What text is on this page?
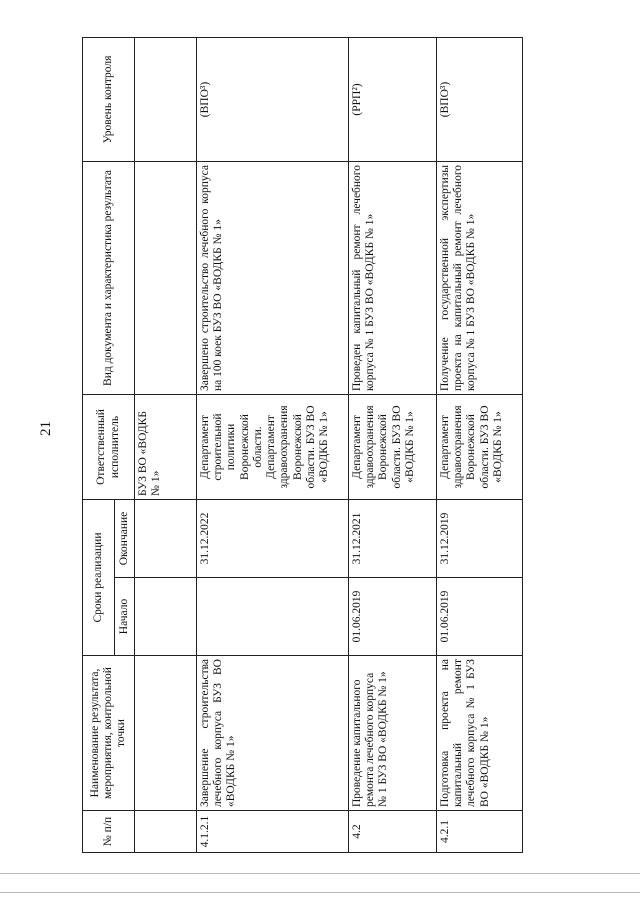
21
№ п/п	Наименование результата, мероприятия, контрольной точки	Сроки реализации		Ответственный исполнитель	Вид документа и характеристика результата	Уровень контроля
		Начало	Окончание			
				БУЗ ВО «ВОДКБ № 1»		
4.1.2.1	Завершение строительства лечебного корпуса БУЗ ВО «ВОДКБ № 1»		31.12.2022	Департамент строительной политики Воронежской области. Департамент здравоохранения Воронежской области. БУЗ ВО «ВОДКБ № 1»	Завершено строительство лечебного корпуса на 100 коек БУЗ ВО «ВОДКБ № 1»	(ВПО³)
4.2	Проведение капитального ремонта лечебного корпуса № 1 БУЗ ВО «ВОДКБ № 1»	01.06.2019	31.12.2021	Департамент здравоохранения Воронежской области. БУЗ ВО «ВОДКБ № 1»	Проведен капитальный ремонт лечебного корпуса № 1 БУЗ ВО «ВОДКБ № 1»	(РРП²)
4.2.1	Подготовка проекта на капитальный ремонт лечебного корпуса № 1 БУЗ ВО «ВОДКБ № 1»	01.06.2019	31.12.2019	Департамент здравоохранения Воронежской области. БУЗ ВО «ВОДКБ № 1»	Получение государственной экспертизы проекта на капитальный ремонт лечебного корпуса № 1 БУЗ ВО «ВОДКБ № 1»	(ВПО³)
